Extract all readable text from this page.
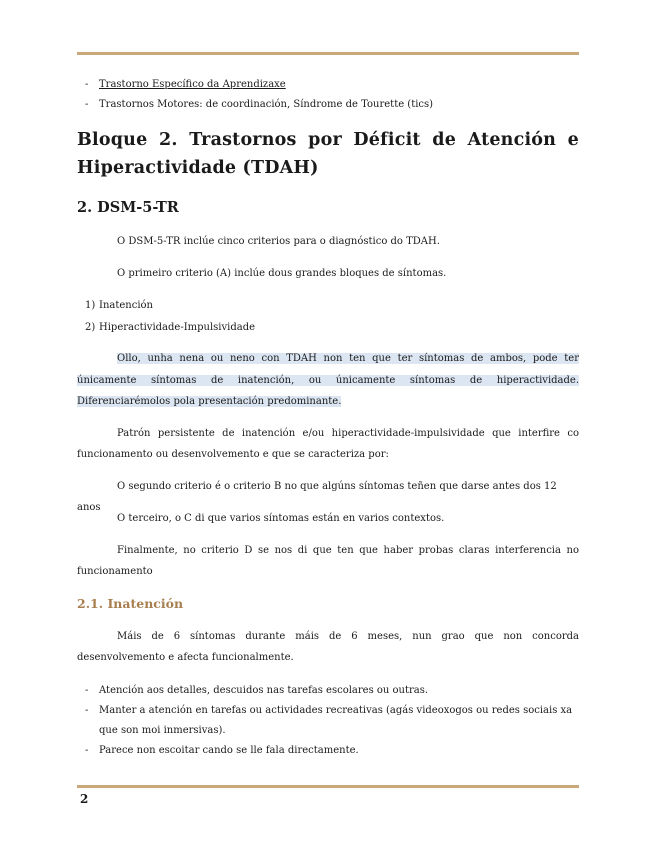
- Trastorno Específico da Aprendizaxe
- Trastornos Motores: de coordinación, Síndrome de Tourette (tics)
Bloque 2. Trastornos por Déficit de Atención e Hiperactividade (TDAH)
2. DSM-5-TR

O DSM-5-TR inclúe cinco criterios para o diagnóstico do TDAH.

O primeiro criterio (A) inclúe dous grandes bloques de síntomas.

1) Inatención
2) Hiperactividade-Impulsividade

Ollo, unha nena ou neno con TDAH non ten que ter síntomas de ambos, pode ter únicamente síntomas de inatención, ou únicamente síntomas de hiperactividade. Diferenciarémolos pola presentación predominante.

Patrón persistente de inatención e/ou hiperactividade-impulsividade que interfire co funcionamento ou desenvolvemento e que se caracteriza por:

O segundo criterio é o criterio B no que algúns síntomas teñen que darse antes dos 12 anos

O terceiro, o C di que varios síntomas están en varios contextos.

Finalmente, no criterio D se nos di que ten que haber probas claras interferencia no funcionamento

2.1. Inatención

Máis de 6 síntomas durante máis de 6 meses, nun grao que non concorda desenvolvemento e afecta funcionalmente.

- Atención aos detalles, descuidos nas tarefas escolares ou outras.
- Manter a atención en tarefas ou actividades recreativas (agás videoxogos ou redes sociais xa que son moi inmersivas).
- Parece non escoitar cando se lle fala directamente.
2
